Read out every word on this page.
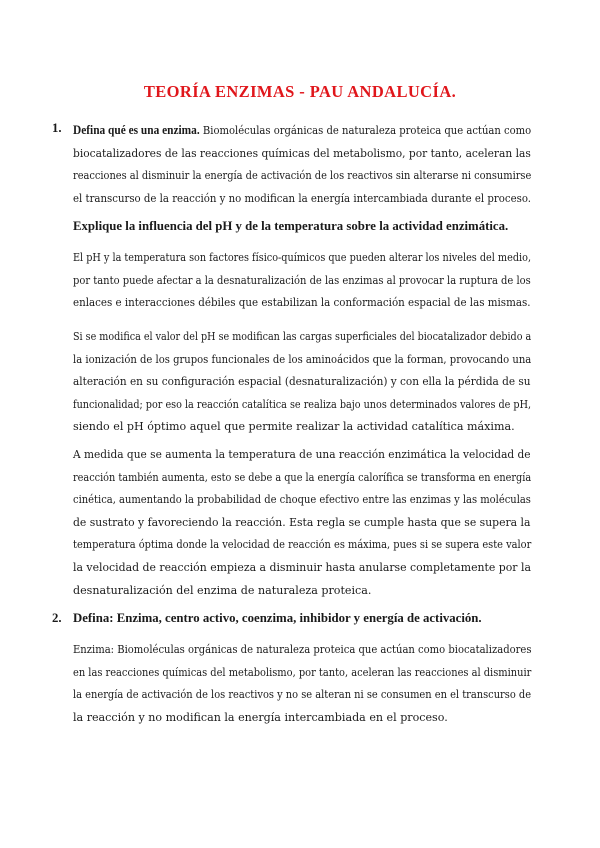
TEORÍA ENZIMAS - PAU ANDALUCÍA.
1. Defina qué es una enzima. Biomoléculas orgánicas de naturaleza proteica que actúan como
biocatalizadores de las reacciones químicas del metabolismo, por tanto, aceleran las
reacciones al disminuir la energía de activación de los reactivos sin alterarse ni consumirse
el transcurso de la reacción y no modifican la energía intercambiada durante el proceso.
Explique la influencia del pH y de la temperatura sobre la actividad enzimática.
El pH y la temperatura son factores físico-químicos que pueden alterar los niveles del medio,
por tanto puede afectar a la desnaturalización de las enzimas al provocar la ruptura de los
enlaces e interacciones débiles que estabilizan la conformación espacial de las mismas.
Si se modifica el valor del pH se modifican las cargas superficiales del biocatalizador debido a
la ionización de los grupos funcionales de los aminoácidos que la forman, provocando una
alteración en su configuración espacial (desnaturalización) y con ella la pérdida de su
funcionalidad; por eso la reacción catalítica se realiza bajo unos determinados valores de pH,
siendo el pH óptimo aquel que permite realizar la actividad catalítica máxima.
A medida que se aumenta la temperatura de una reacción enzimática la velocidad de
reacción también aumenta, esto se debe a que la energía calorífica se transforma en energía
cinética, aumentando la probabilidad de choque efectivo entre las enzimas y las moléculas
de sustrato y favoreciendo la reacción. Esta regla se cumple hasta que se supera la
temperatura óptima donde la velocidad de reacción es máxima, pues si se supera este valor
la velocidad de reacción empieza a disminuir hasta anularse completamente por la
desnaturalización del enzima de naturaleza proteica.
2. Defina: Enzima, centro activo, coenzima, inhibidor y energía de activación.
Enzima: Biomoléculas orgánicas de naturaleza proteica que actúan como biocatalizadores
en las reacciones químicas del metabolismo, por tanto, aceleran las reacciones al disminuir
la energía de activación de los reactivos y no se alteran ni se consumen en el transcurso de
la reacción y no modifican la energía intercambiada en el proceso.
